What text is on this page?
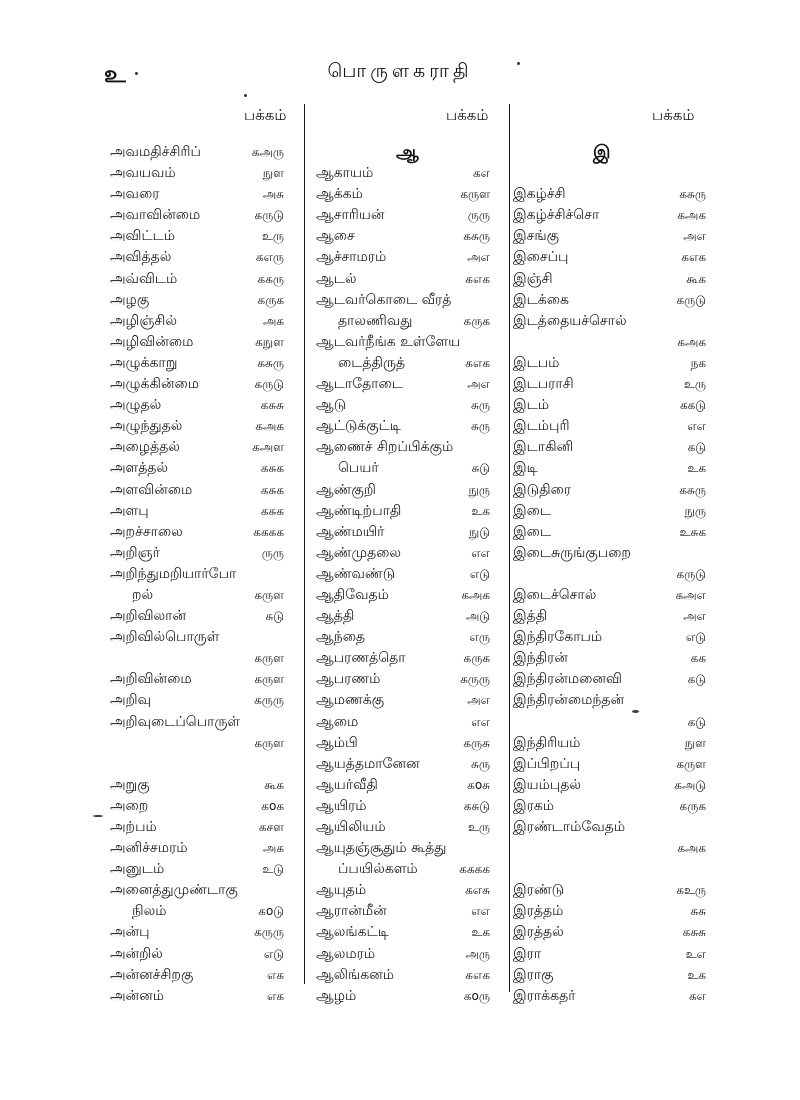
உ	பொருளகராதி
பக்கம்	பக்கம்	பக்கம்
அவமதிச்சிரிப்	கஅரு
அவயவம்	நுள
அவரை	அசு
அவாவின்மை	கருடு
அவிட்டம்	உரு
அவித்தல்	கஎரு
அவ்விடம்	ககரு
அழகு	கருக
அழிஞ்சில்	அக
அழிவின்மை	கநுள
அழுக்காறு	கசுரு
அழுக்கின்மை	கருடு
அழுதல்	கசுசு
அழுந்துதல்	கஅக
அழைத்தல்	கஅள
அளத்தல்	கசுக
அளவின்மை	கசுக
அளபு	கசுக
அறச்சாலை	கககக
அறிஞர்	ருரு
அறிந்துமறியார்போ
றல்	கருள
அறிவிலான்	சுடு
அறிவில்பொருள்
கருள
அறிவின்மை	கருள
அறிவு	கருரு
அறிவுடைப்பொருள்
கருள
அறுகு	கூக
அறை	கoக
அற்பம்	கசள
அனிச்சமரம்	அக
அனுடம்	உடு
அனைத்துமுண்டாகு
நிலம்	கoடு
அன்பு	கருரு
அன்றில்	எடு
அன்னச்சிறகு	எக
அன்னம்	எக
ஆ
ஆகாயம்	கஎ
ஆக்கம்	கருள
ஆசாரியன்	ருரு
ஆசை	கசுரு
ஆச்சாமரம்	அஎ
ஆடல்	கஎக
ஆடவர்கொடை வீரத்
தாலணிவது	கருக
ஆடவர்நீங்க உள்ளேய
டைத்திருத்	கஎக
ஆடாதோடை	அஎ
ஆடு	சுரு
ஆட்டுக்குட்டி	சுரு
ஆணைச் சிறப்பிக்கும்
பெயர்	சுடு
ஆண்குறி	நுரு
ஆண்டிற்பாதி	உக
ஆண்மயிர்	நுடு
ஆண்முதலை	எஎ
ஆண்வண்டு	எடு
ஆதிவேதம்	கஅக
ஆத்தி	அடு
ஆந்தை	எரு
ஆபரணத்தொ	கருக
ஆபரணம்	கருரு
ஆமணக்கு	அஎ
ஆமை	எஎ
ஆம்பி	கருசு
ஆயத்தமானேன	சுரு
ஆயர்வீதி	கoசு
ஆயிரம்	கசுடு
ஆயிலியம்	உரு
ஆயுதஞ்சூதும் கூத்து
ப்பயில்களம்	கககக
ஆயுதம்	கஎசு
ஆரான்மீன்	எஎ
ஆலங்கட்டி	உக
ஆலமரம்	அரு
ஆலிங்கனம்	கஎக
ஆழம்	கoரு
இ
இகழ்ச்சி	கசுரு
இகழ்ச்சிச்சொ	கஅக
இசங்கு	அஎ
இசைப்பு	கஎக
இஞ்சி	கூக
இடக்கை	கருடு
இடத்தையச்சொல்
கஅக
இடபம்	நக
இடபராசி	உரு
இடம்	ககடு
இடம்புரி	எஎ
இடாகினி	கடு
இடி	உக
இடுதிரை	கசுரு
இடை	நுரு
இடை	உசுக
இடைசுருங்குபறை
கருடு
இடைச்சொல்	கஅஎ
இத்தி	அஎ
இந்திரகோபம்	எடு
இந்திரன்	கக
இந்திரன்மனைவி	கடு
இந்திரன்மைந்தன்
கடு
இந்திரியம்	நுள
இப்பிறப்பு	கருள
இயம்புதல்	கஅடு
இரகம்	கருக
இரண்டாம்வேதம்
கஅக
இரண்டு	கஉரு
இரத்தம்	சுசு
இரத்தல்	கசுசு
இரா	உஎ
இராகு	உக
இராக்கதர்	கஎ
